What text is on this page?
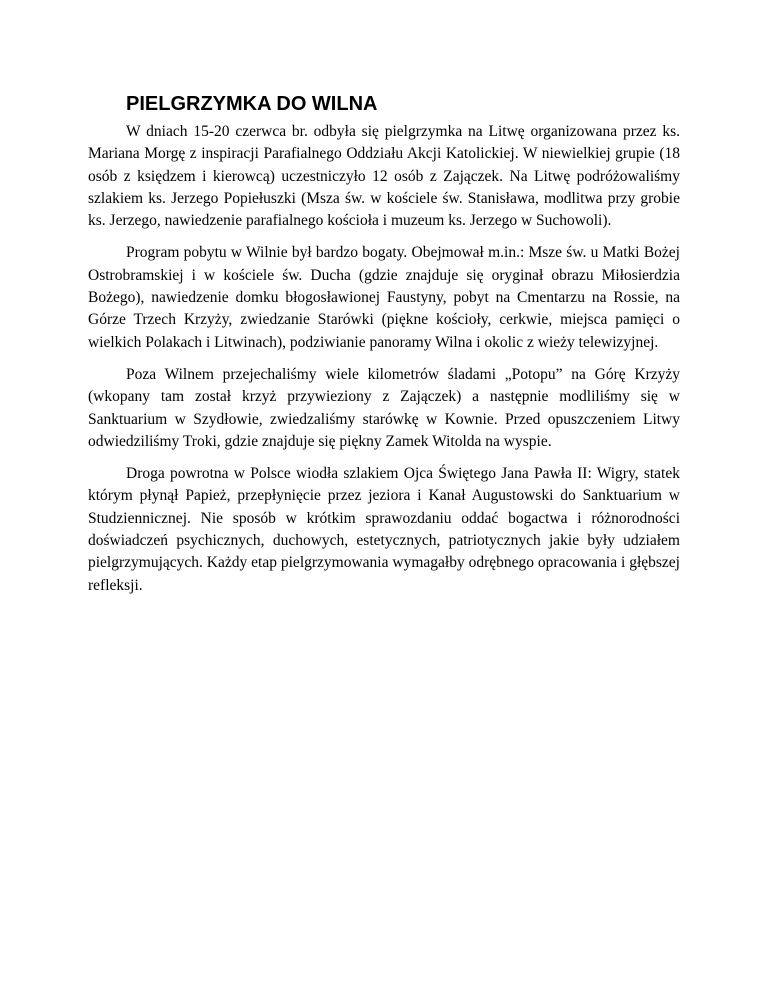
PIELGRZYMKA DO WILNA

W dniach 15-20 czerwca br. odbyła się pielgrzymka na Litwę organizowana przez ks. Mariana Morgę z inspiracji Parafialnego Oddziału Akcji Katolickiej. W niewielkiej grupie (18 osób z księdzem i kierowcą) uczestniczyło 12 osób z Zajączek. Na Litwę podróżowaliśmy szlakiem ks. Jerzego Popiełuszki (Msza św. w kościele św. Stanisława, modlitwa przy grobie ks. Jerzego, nawiedzenie parafialnego kościoła i muzeum ks. Jerzego w Suchowoli).

Program pobytu w Wilnie był bardzo bogaty. Obejmował m.in.: Msze św. u Matki Bożej Ostrobramskiej i w kościele św. Ducha (gdzie znajduje się oryginał obrazu Miłosierdzia Bożego), nawiedzenie domku błogosławionej Faustyny, pobyt na Cmentarzu na Rossie, na Górze Trzech Krzyży, zwiedzanie Starówki (piękne kościoły, cerkwie, miejsca pamięci o wielkich Polakach i Litwinach), podziwianie panoramy Wilna i okolic z wieży telewizyjnej.

Poza Wilnem przejechaliśmy wiele kilometrów śladami „Potopu” na Górę Krzyży (wkopany tam został krzyż przywieziony z Zajączek) a następnie modliliśmy się w Sanktuarium w Szydłowie, zwiedzaliśmy starówkę w Kownie. Przed opuszczeniem Litwy odwiedziliśmy Troki, gdzie znajduje się piękny Zamek Witolda na wyspie.

Droga powrotna w Polsce wiodła szlakiem Ojca Świętego Jana Pawła II: Wigry, statek którym płynął Papież, przepłynięcie przez jeziora i Kanał Augustowski do Sanktuarium w Studziennicznej. Nie sposób w krótkim sprawozdaniu oddać bogactwa i różnorodności doświadczeń psychicznych, duchowych, estetycznych, patriotycznych jakie były udziałem pielgrzymujących. Każdy etap pielgrzymowania wymagałby odrębnego opracowania i głębszej refleksji.
